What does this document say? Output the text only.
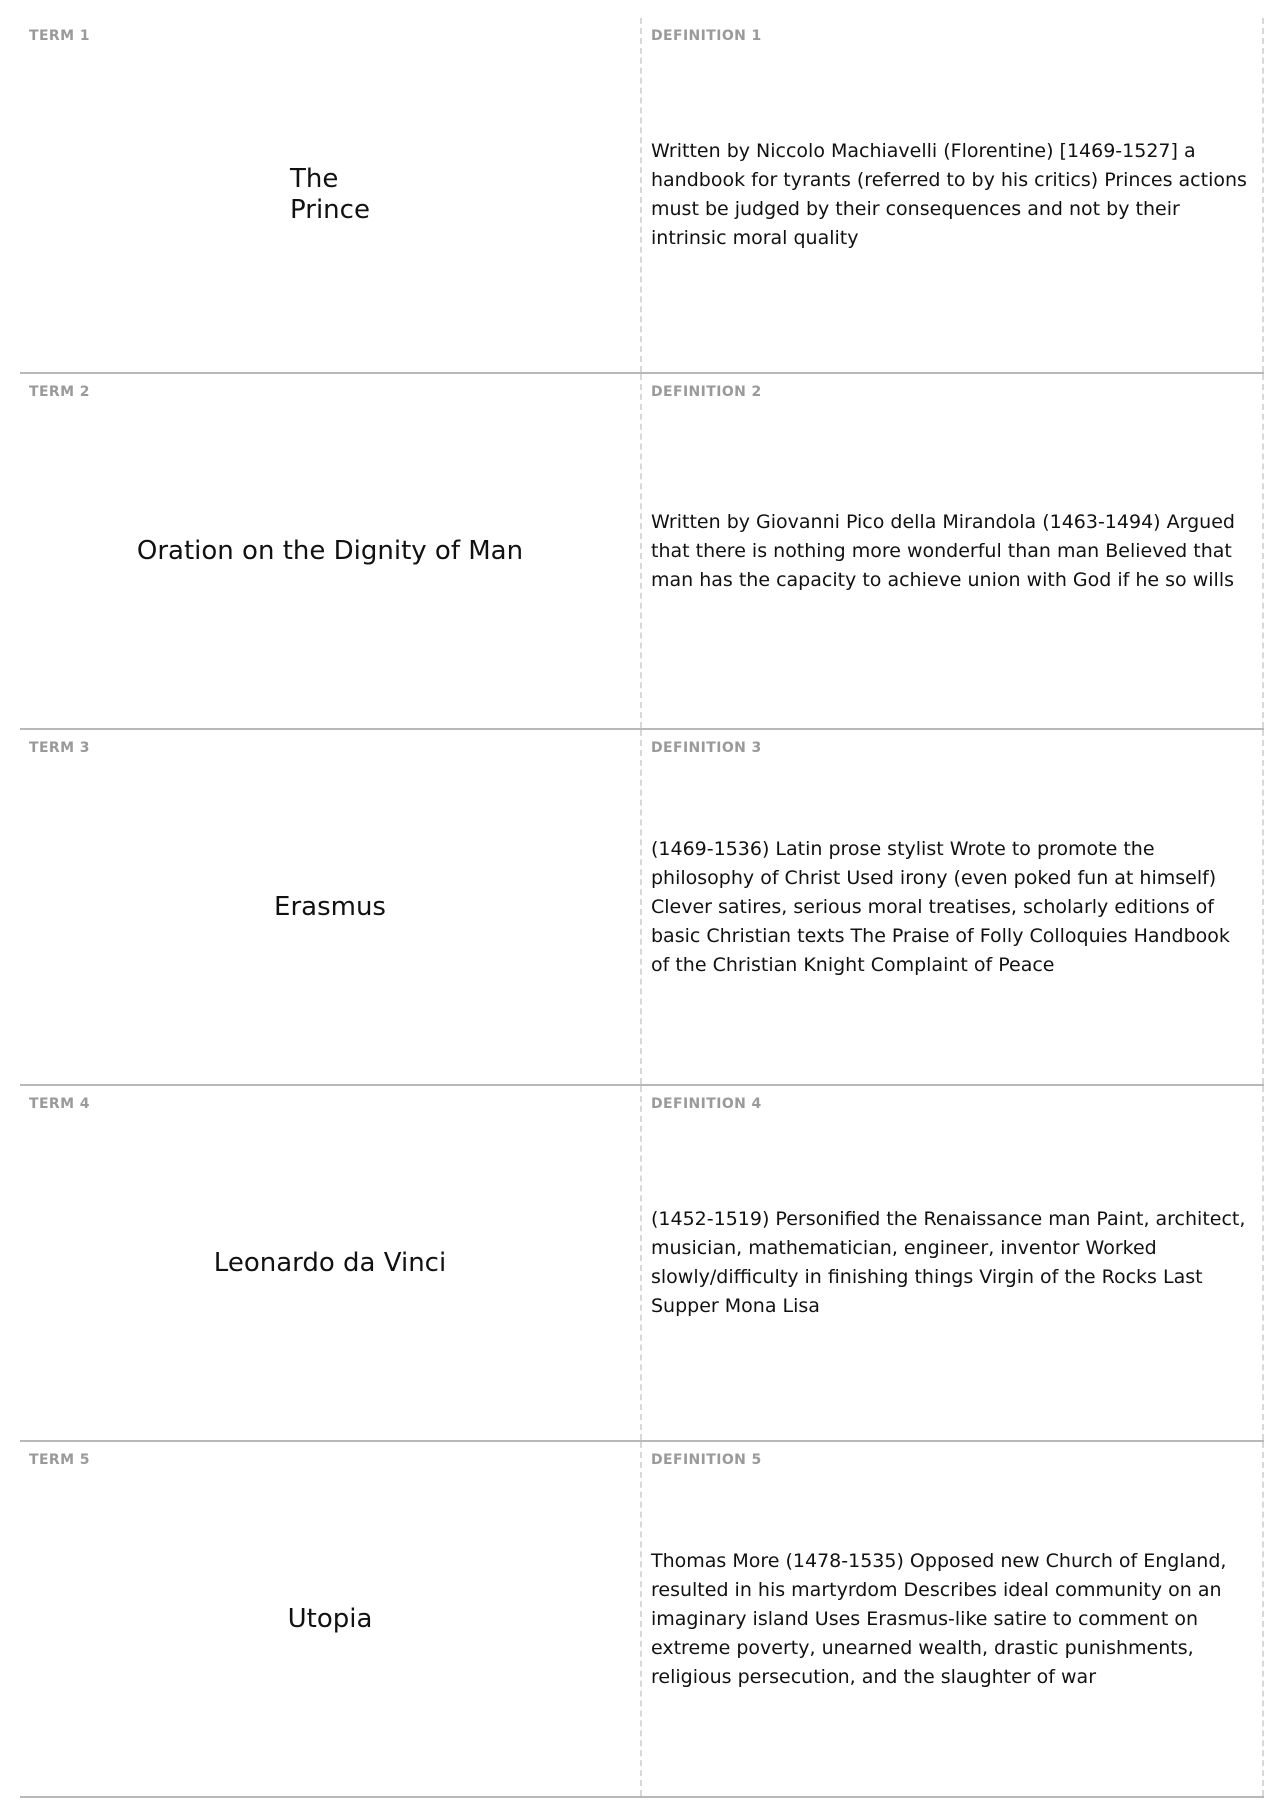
TERM 1
The
Prince
DEFINITION 1
Written by Niccolo Machiavelli (Florentine) [1469-1527] a handbook for tyrants (referred to by his critics) Princes actions must be judged by their consequences and not by their intrinsic moral quality
TERM 2
Oration on the Dignity of Man
DEFINITION 2
Written by Giovanni Pico della Mirandola (1463-1494) Argued that there is nothing more wonderful than man Believed that man has the capacity to achieve union with God if he so wills
TERM 3
Erasmus
DEFINITION 3
(1469-1536) Latin prose stylist Wrote to promote the philosophy of Christ Used irony (even poked fun at himself) Clever satires, serious moral treatises, scholarly editions of basic Christian texts The Praise of Folly Colloquies Handbook of the Christian Knight Complaint of Peace
TERM 4
Leonardo da Vinci
DEFINITION 4
(1452-1519) Personified the Renaissance man Paint, architect, musician, mathematician, engineer, inventor Worked slowly/difficulty in finishing things Virgin of the Rocks Last Supper Mona Lisa
TERM 5
Utopia
DEFINITION 5
Thomas More (1478-1535) Opposed new Church of England, resulted in his martyrdom Describes ideal community on an imaginary island Uses Erasmus-like satire to comment on extreme poverty, unearned wealth, drastic punishments, religious persecution, and the slaughter of war
